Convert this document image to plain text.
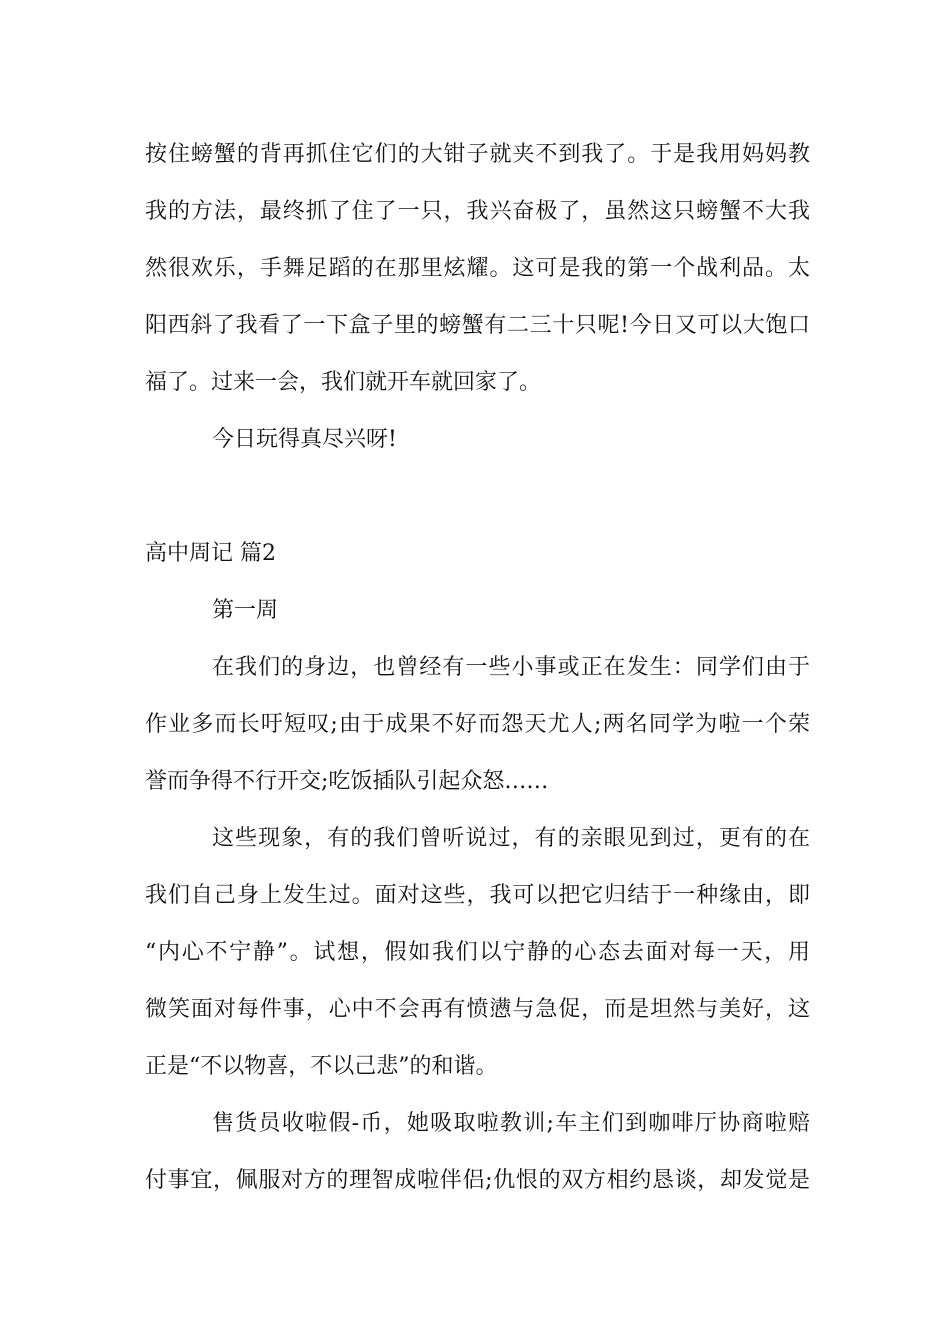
按住螃蟹的背再抓住它们的大钳子就夹不到我了。于是我用妈妈教
我的方法，最终抓了住了一只，我兴奋极了，虽然这只螃蟹不大我
然很欢乐，手舞足蹈的在那里炫耀。这可是我的第一个战利品。太
阳西斜了我看了一下盒子里的螃蟹有二三十只呢!今日又可以大饱口
福了。过来一会，我们就开车就回家了。
今日玩得真尽兴呀!
高中周记 篇2
第一周
在我们的身边，也曾经有一些小事或正在发生：同学们由于
作业多而长吁短叹;由于成果不好而怨天尤人;两名同学为啦一个荣
誉而争得不行开交;吃饭插队引起众怒……
这些现象，有的我们曾听说过，有的亲眼见到过，更有的在
我们自己身上发生过。面对这些，我可以把它归结于一种缘由，即
“内心不宁静”。试想，假如我们以宁静的心态去面对每一天，用
微笑面对每件事，心中不会再有愤懑与急促，而是坦然与美好，这
正是“不以物喜，不以己悲”的和谐。
售货员收啦假-币，她吸取啦教训;车主们到咖啡厅协商啦赔
付事宜，佩服对方的理智成啦伴侣;仇恨的双方相约恳谈，却发觉是
